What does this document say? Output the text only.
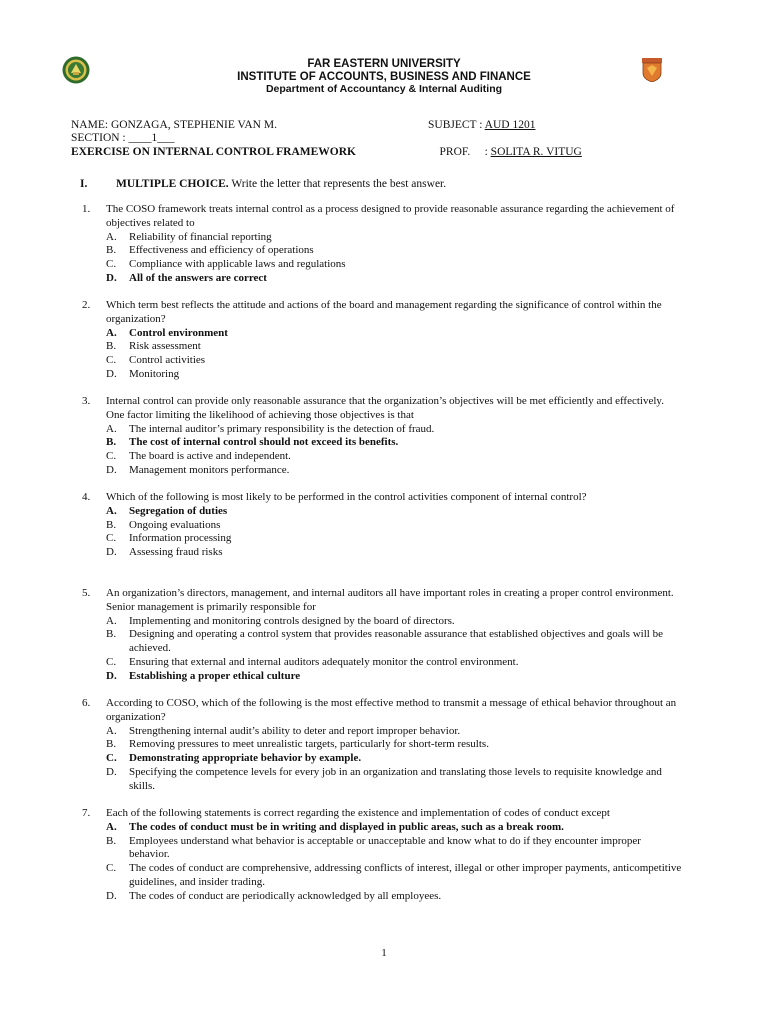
FAR EASTERN UNIVERSITY
INSTITUTE OF ACCOUNTS, BUSINESS AND FINANCE
Department of Accountancy & Internal Auditing
NAME: GONZAGA, STEPHENIE VAN M.
SECTION : ____1___
SUBJECT : AUD 1201

PROF.     : SOLITA R. VITUG

EXERCISE ON INTERNAL CONTROL FRAMEWORK
I. MULTIPLE CHOICE. Write the letter that represents the best answer.
1. The COSO framework treats internal control as a process designed to provide reasonable assurance regarding the achievement of objectives related to
A. Reliability of financial reporting
B. Effectiveness and efficiency of operations
C. Compliance with applicable laws and regulations
D. All of the answers are correct
2. Which term best reflects the attitude and actions of the board and management regarding the significance of control within the organization?
A. Control environment
B. Risk assessment
C. Control activities
D. Monitoring
3. Internal control can provide only reasonable assurance that the organization’s objectives will be met efficiently and effectively. One factor limiting the likelihood of achieving those objectives is that
A. The internal auditor’s primary responsibility is the detection of fraud.
B. The cost of internal control should not exceed its benefits.
C. The board is active and independent.
D. Management monitors performance.
4. Which of the following is most likely to be performed in the control activities component of internal control?
A. Segregation of duties
B. Ongoing evaluations
C. Information processing
D. Assessing fraud risks
5. An organization’s directors, management, and internal auditors all have important roles in creating a proper control environment. Senior management is primarily responsible for
A. Implementing and monitoring controls designed by the board of directors.
B. Designing and operating a control system that provides reasonable assurance that established objectives and goals will be achieved.
C. Ensuring that external and internal auditors adequately monitor the control environment.
D. Establishing a proper ethical culture
6. According to COSO, which of the following is the most effective method to transmit a message of ethical behavior throughout an organization?
A. Strengthening internal audit’s ability to deter and report improper behavior.
B. Removing pressures to meet unrealistic targets, particularly for short-term results.
C. Demonstrating appropriate behavior by example.
D. Specifying the competence levels for every job in an organization and translating those levels to requisite knowledge and skills.
7. Each of the following statements is correct regarding the existence and implementation of codes of conduct except
A. The codes of conduct must be in writing and displayed in public areas, such as a break room.
B. Employees understand what behavior is acceptable or unacceptable and know what to do if they encounter improper behavior.
C. The codes of conduct are comprehensive, addressing conflicts of interest, illegal or other improper payments, anticompetitive guidelines, and insider trading.
D. The codes of conduct are periodically acknowledged by all employees.
1
